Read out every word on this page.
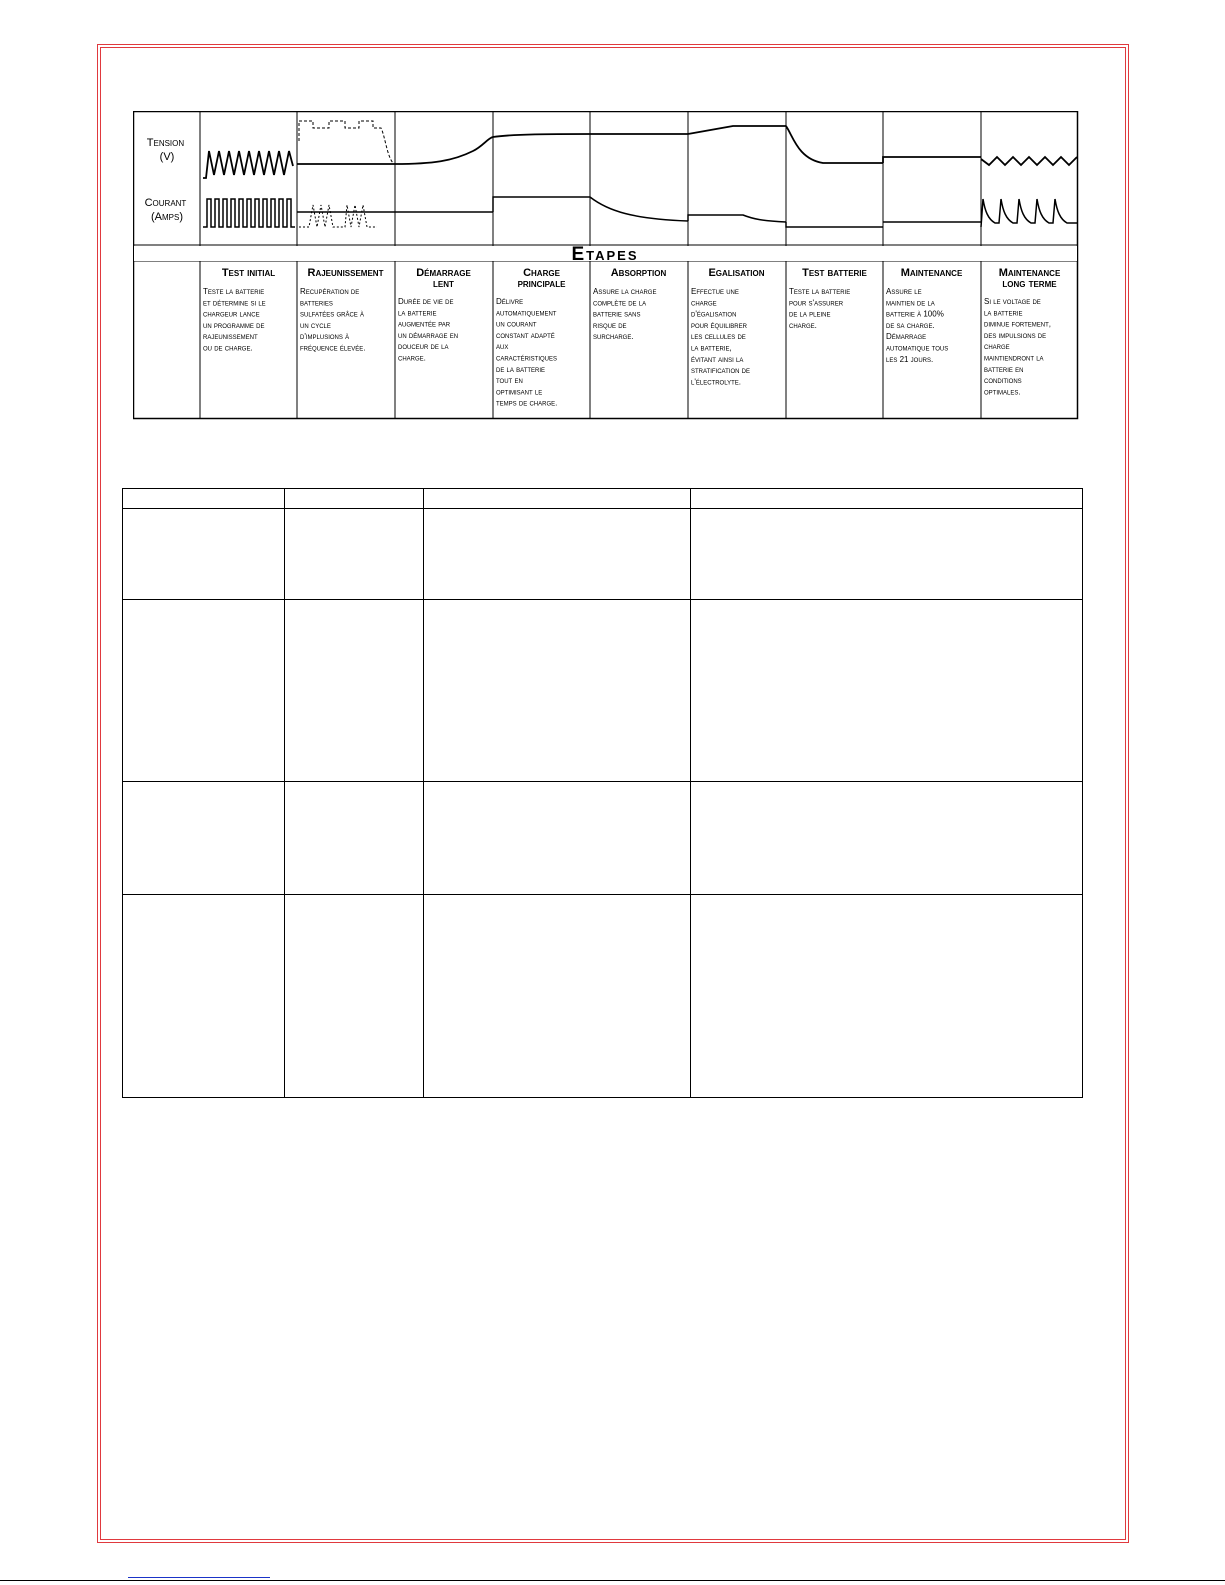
Tension (V)
Courant (Amps)
Etapes
Test initial
Teste la batterie et détermine si le chargeur lance un programme de rajeunissement ou de charge.
Rajeunissement
Recupération de batteries sulfatées grâce à un cycle d'implusions à fréquence élevée.
Démarrage lent
Durée de vie de la batterie augmentée par un démarrage en douceur de la charge.
Charge principale
Délivre automatiquement un courant constant adapté aux caractéristiques de la batterie tout en optimisant le temps de charge.
Absorption
Assure la charge complète de la batterie sans risque de surcharge.
Egalisation
Effectue une charge d'égalisation pour équilibrer les cellules de la batterie, évitant ainsi la stratification de l'électrolyte.
Test batterie
Teste la batterie pour s'assurer de la pleine charge.
Maintenance
Assure le maintien de la batterie à 100% de sa charge. Démarrage automatique tous les 21 jours.
Maintenance long terme
Si le voltage de la batterie diminue fortement, des impulsions de charge maintiendront la batterie en conditions optimales.
